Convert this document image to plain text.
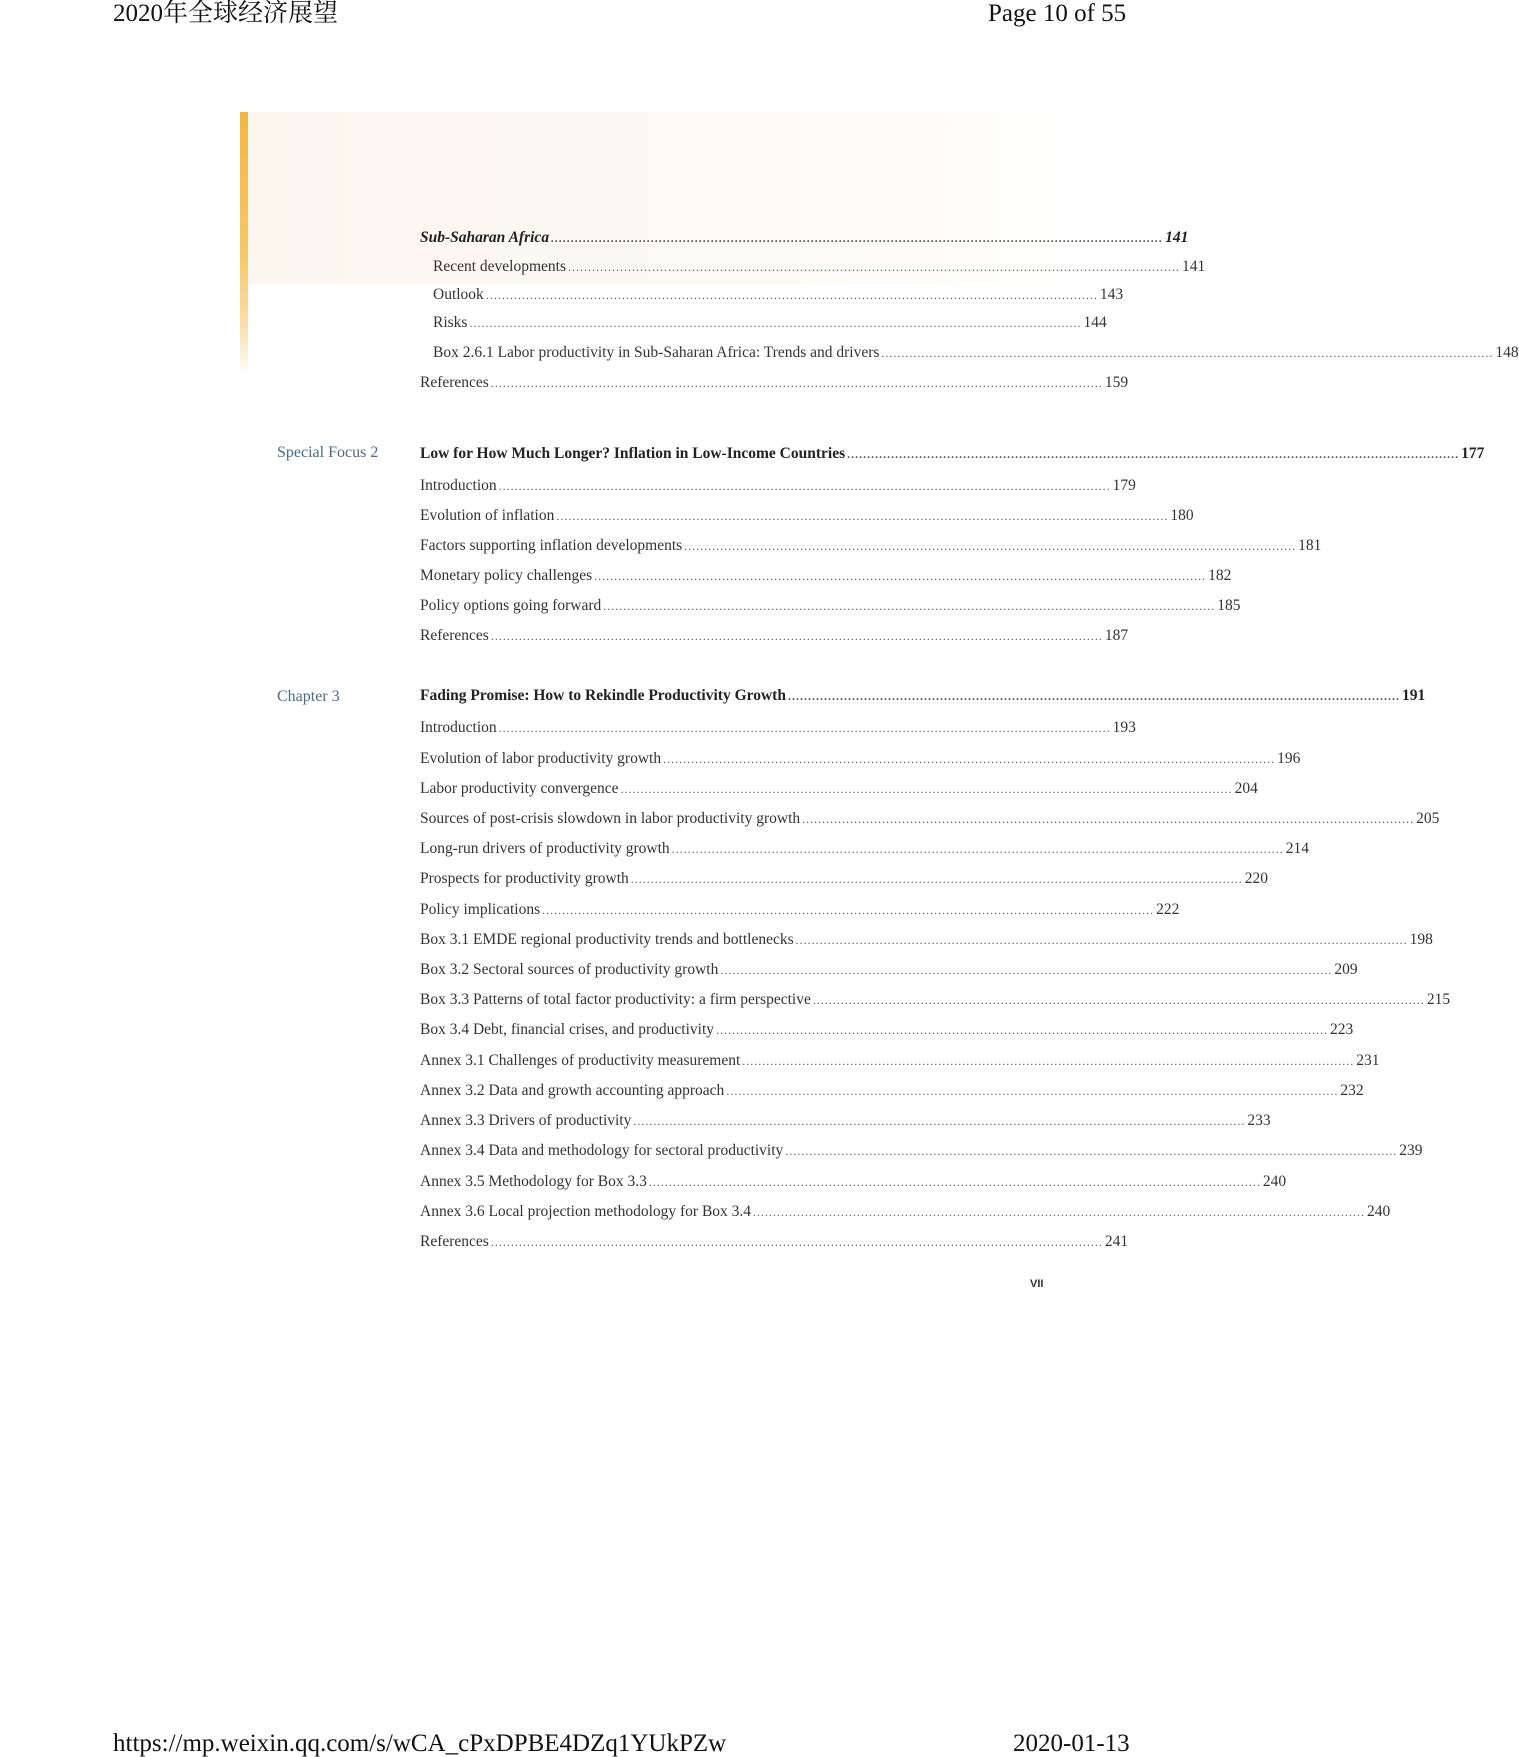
2020年全球经济展望	Page 10 of 55
https://mp.weixin.qq.com/s/wCA_cPxDPBE4DZq1YUkPZw	2020-01-13
Sub-Saharan Africa ......................................................................................................................................................... 141
Recent developments ......................................................................................................................................................... 141
Outlook ......................................................................................................................................................... 143
Risks ......................................................................................................................................................... 144
Box 2.6.1 Labor productivity in Sub-Saharan Africa: Trends and drivers ......................................................................................................................................................... 148
References ......................................................................................................................................................... 159
Special Focus 2	Low for How Much Longer? Inflation in Low-Income Countries ......................................................................................................................................................... 177
Introduction ......................................................................................................................................................... 179
Evolution of inflation ......................................................................................................................................................... 180
Factors supporting inflation developments ......................................................................................................................................................... 181
Monetary policy challenges ......................................................................................................................................................... 182
Policy options going forward ......................................................................................................................................................... 185
References ......................................................................................................................................................... 187
Chapter 3	Fading Promise: How to Rekindle Productivity Growth ......................................................................................................................................................... 191
Introduction ......................................................................................................................................................... 193
Evolution of labor productivity growth ......................................................................................................................................................... 196
Labor productivity convergence ......................................................................................................................................................... 204
Sources of post-crisis slowdown in labor productivity growth ......................................................................................................................................................... 205
Long-run drivers of productivity growth ......................................................................................................................................................... 214
Prospects for productivity growth ......................................................................................................................................................... 220
Policy implications ......................................................................................................................................................... 222
Box 3.1 EMDE regional productivity trends and bottlenecks ......................................................................................................................................................... 198
Box 3.2 Sectoral sources of productivity growth ......................................................................................................................................................... 209
Box 3.3 Patterns of total factor productivity: a firm perspective ......................................................................................................................................................... 215
Box 3.4 Debt, financial crises, and productivity ......................................................................................................................................................... 223
Annex 3.1 Challenges of productivity measurement ......................................................................................................................................................... 231
Annex 3.2 Data and growth accounting approach ......................................................................................................................................................... 232
Annex 3.3 Drivers of productivity ......................................................................................................................................................... 233
Annex 3.4 Data and methodology for sectoral productivity ......................................................................................................................................................... 239
Annex 3.5 Methodology for Box 3.3 ......................................................................................................................................................... 240
Annex 3.6 Local projection methodology for Box 3.4 ......................................................................................................................................................... 240
References ......................................................................................................................................................... 241
VII
